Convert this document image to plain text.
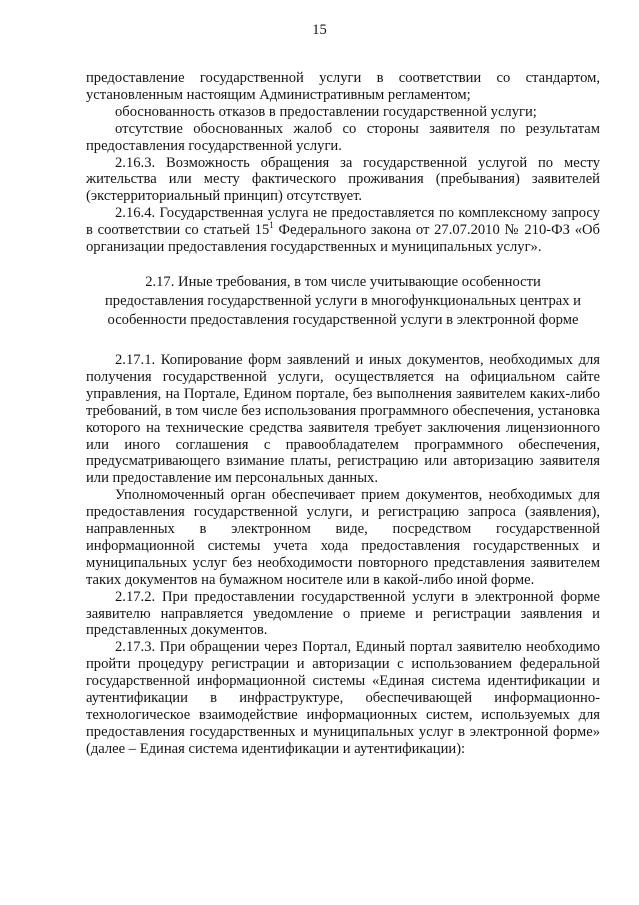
15

предоставление государственной услуги в соответствии со стандартом, установленным настоящим Административным регламентом;

обоснованность отказов в предоставлении государственной услуги;

отсутствие обоснованных жалоб со стороны заявителя по результатам предоставления государственной услуги.

2.16.3. Возможность обращения за государственной услугой по месту жительства или месту фактического проживания (пребывания) заявителей (экстерриториальный принцип) отсутствует.

2.16.4. Государственная услуга не предоставляется по комплексному запросу в соответствии со статьей $15^1$ Федерального закона от 27.07.2010 № 210-ФЗ «Об организации предоставления государственных и муниципальных услуг».

2.17. Иные требования, в том числе учитывающие особенности
предоставления государственной услуги в многофункциональных центрах и
особенности предоставления государственной услуги в электронной форме

2.17.1. Копирование форм заявлений и иных документов, необходимых для получения государственной услуги, осуществляется на официальном сайте управления, на Портале, Едином портале, без выполнения заявителем каких-либо требований, в том числе без использования программного обеспечения, установка которого на технические средства заявителя требует заключения лицензионного или иного соглашения с правообладателем программного обеспечения, предусматривающего взимание платы, регистрацию или авторизацию заявителя или предоставление им персональных данных.

Уполномоченный орган обеспечивает прием документов, необходимых для предоставления государственной услуги, и регистрацию запроса (заявления), направленных в электронном виде, посредством государственной информационной системы учета хода предоставления государственных и муниципальных услуг без необходимости повторного представления заявителем таких документов на бумажном носителе или в какой-либо иной форме.

2.17.2. При предоставлении государственной услуги в электронной форме заявителю направляется уведомление о приеме и регистрации заявления и представленных документов.

2.17.3. При обращении через Портал, Единый портал заявителю необходимо пройти процедуру регистрации и авторизации с использованием федеральной государственной информационной системы «Единая система идентификации и аутентификации в инфраструктуре, обеспечивающей информационно-технологическое взаимодействие информационных систем, используемых для предоставления государственных и муниципальных услуг в электронной форме» (далее – Единая система идентификации и аутентификации):
